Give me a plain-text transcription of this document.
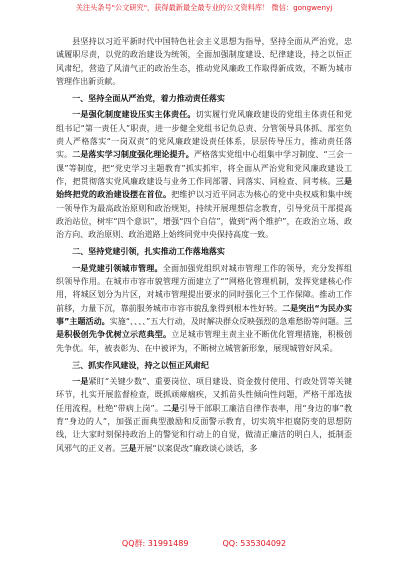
关注头条号"公文研究"，获得最新最全最专业的公文资料库！ 微信：gongwenyj

县坚持以习近平新时代中国特色社会主义思想为指导，坚持全面从严治党，忠诚履职尽责，以党的政治建设为统领，全面加强制度建设、纪律建设，持之以恒正风肃纪，营造了风清气正的政治生态，推动党风廉政工作取得新成效，不断为城市管理作出新贡献。

一、坚持全面从严治党，着力推动责任落实

一是强化制度建设压实主体责任。切实履行党风廉政建设的党组主体责任和党组书记“第一责任人”职责，进一步健全党组书记负总责、分管领导具体抓、部室负责人严格落实“一岗双责”的党风廉政建设责任体系，层层传导压力，推动责任落实。二是落实学习制度强化理论提升。严格落实党组中心组集中学习制度、“三会一课”等制度，把“党史学习主题教育”抓实抓牢，将全面从严治党和党风廉政建设工作，把贯彻落实党风廉政建设与业务工作同部署、同落实、同检查、同考核。三是始终把党的政治建设摆在首位。把维护以习近平同志为核心的党中央权威和集中统一领导作为最高政治原则和政治规矩，持续开展理想信念教育，引导党员干部提高政治站位，树牢“四个意识”，增强“四个自信”，做到“两个维护”，在政治立场、政治方向、政治原则、政治道路上始终同党中央保持高度一致。

二、坚持党建引领，扎实推动工作落地落实

一是党建引领城市管理。全面加强党组织对城市管理工作的领导，充分发挥组织领导作用。在城市市容市貌管理方面建立了“”网格化管理机制，发挥党建核心作用，将城区划分为片区，对城市管理提出要求的同时强化三个工作保障。推动工作前移，力量下沉，靠前服务城市市容市貌乱象得到根本性好转。二是突出“为民办实事”主题活动。实施“、、、、”五大行动，及时解决群众反映强烈的急难愁盼等问题。三是积极创先争优树立示范典型。立足城市管理主责主业不断优化管理措施，积极创先争优。年，被表彰为、在中被评为，不断树立城管新形象，展现城管好风采。

三、抓实作风建设，持之以恒正风肃纪

一是紧盯“关键少数”、重要岗位、项目建设、资金拨付使用、行政处罚等关键环节，扎实开展监督检查，既抓顽瘴痼疾，又抓苗头性倾向性问题，严格干部选拔任用流程，杜绝“带病上岗”。二是引导干部职工廉洁自律作表率，用“身边的事”教育“身边的人”，加强正面典型激励和反面警示教育，切实筑牢拒腐防变的思想防线，让大家时刻保持政治上的警觉和行动上的自觉，做清正廉洁的明白人，抵制歪风邪气的正义者。三是开展“以案促改”廉政谈心谈话，多

QQ群: 31991489	QQ: 535304092
